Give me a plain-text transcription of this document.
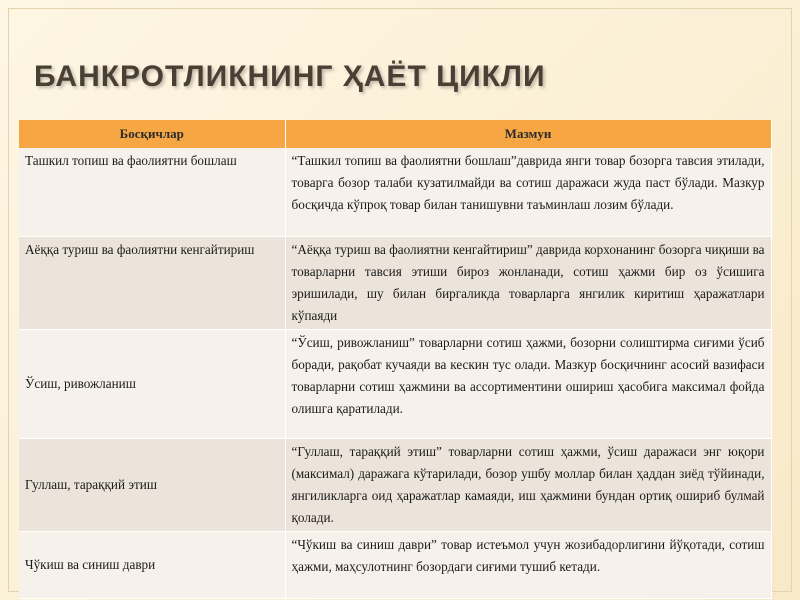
БАНКРОТЛИКНИНГ ҲАЁТ ЦИКЛИ
Босқичлар	Мазмун
Ташкил топиш ва фаолиятни бошлаш	“Ташкил топиш ва фаолиятни бошлаш”даврида янги товар бозорга тавсия этилади, товарга бозор талаби кузатилмайди ва сотиш даражаси жуда паст бўлади. Мазкур босқичда кўпроқ товар билан танишувни таъминлаш лозим бўлади.
Аёққа туриш ва фаолиятни кенгайтириш	“Аёққа туриш ва фаолиятни кенгайтириш” даврида корхонанинг бозорга чиқиши ва товарларни тавсия этиши бироз жонланади, сотиш ҳажми бир оз ўсишига эришилади, шу билан биргаликда товарларга янгилик киритиш ҳаражатлари кўпаяди
Ўсиш, ривожланиш	“Ўсиш, ривожланиш” товарларни сотиш ҳажми, бозорни солиштирма сиғими ўсиб боради, рақобат кучаяди ва кескин тус олади. Мазкур босқичнинг асосий вазифаси товарларни сотиш ҳажмини ва ассортиментини ошириш ҳасобига максимал фойда олишга қаратилади.
Гуллаш, тараққий этиш	“Гуллаш, тараққий этиш” товарларни сотиш ҳажми, ўсиш даражаси энг юқори (максимал) даражага кўтарилади, бозор ушбу моллар билан ҳаддан зиёд тўйинади, янгиликларга оид ҳаражатлар камаяди, иш ҳажмини бундан ортиқ ошириб булмай қолади.
Чўкиш ва синиш даври	“Чўкиш ва синиш даври” товар истеъмол учун жозибадорлигини йўқотади, сотиш ҳажми, маҳсулотнинг бозордаги сиғими тушиб кетади.
